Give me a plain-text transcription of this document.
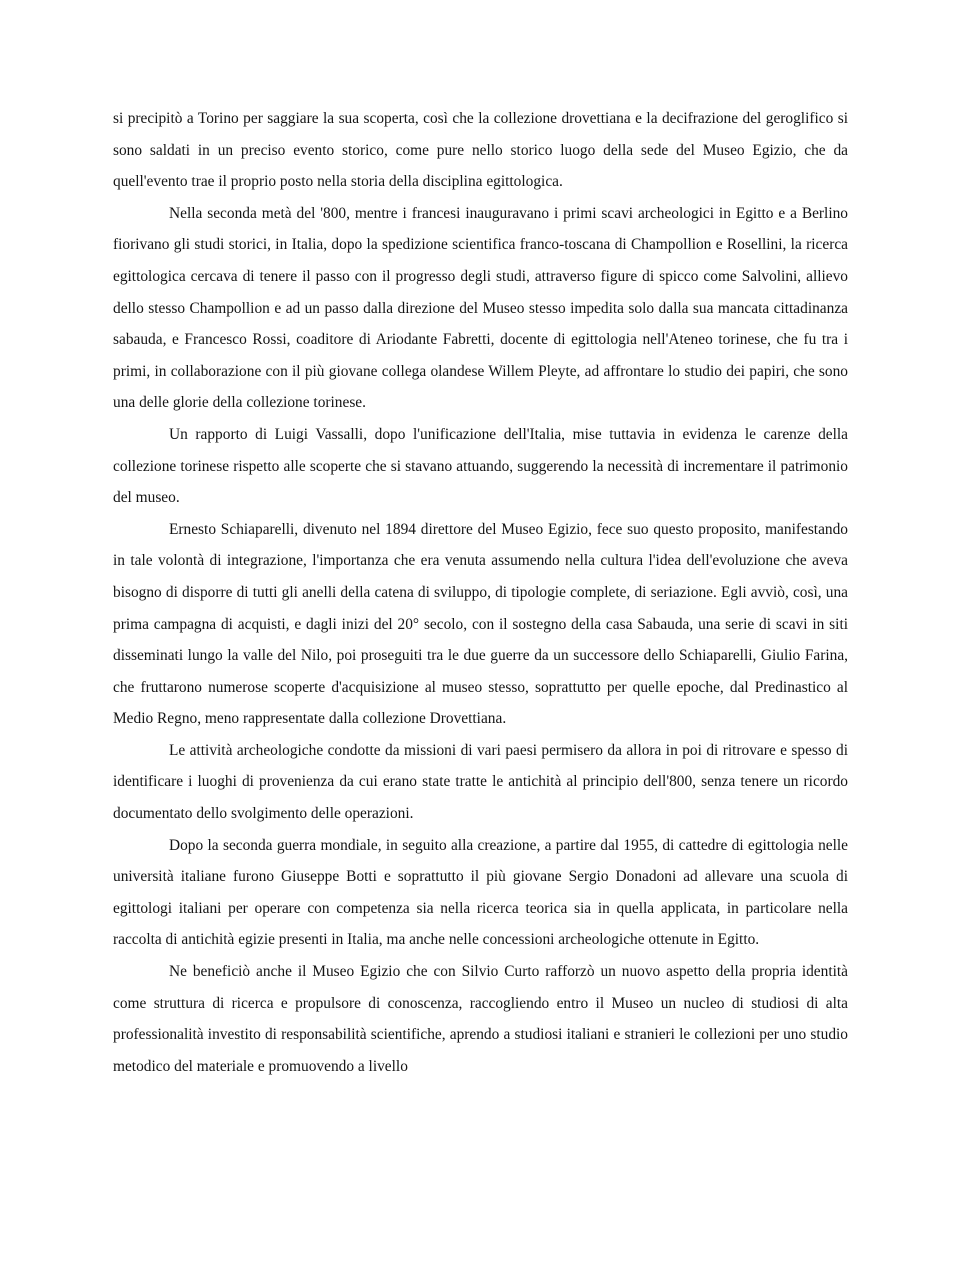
si precipitò a Torino per saggiare la sua scoperta, così che la collezione drovettiana e la decifrazione del geroglifico si sono saldati in un preciso evento storico, come pure nello storico luogo della sede del Museo Egizio, che da quell'evento trae il proprio posto nella storia della disciplina egittologica.

Nella seconda metà del '800, mentre i francesi inauguravano i primi scavi archeologici in Egitto e a Berlino fiorivano gli studi storici, in Italia, dopo la spedizione scientifica franco-toscana di Champollion e Rosellini, la ricerca egittologica cercava di tenere il passo con il progresso degli studi, attraverso figure di spicco come Salvolini, allievo dello stesso Champollion e ad un passo dalla direzione del Museo stesso impedita solo dalla sua mancata cittadinanza sabauda, e Francesco Rossi, coaditore di Ariodante Fabretti, docente di egittologia nell'Ateneo torinese, che fu tra i primi, in collaborazione con il più giovane collega olandese Willem Pleyte, ad affrontare lo studio dei papiri, che sono una delle glorie della collezione torinese.

Un rapporto di Luigi Vassalli, dopo l'unificazione dell'Italia, mise tuttavia in evidenza le carenze della collezione torinese rispetto alle scoperte che si stavano attuando, suggerendo la necessità di incrementare il patrimonio del museo.

Ernesto Schiaparelli, divenuto nel 1894 direttore del Museo Egizio, fece suo questo proposito, manifestando in tale volontà di integrazione, l'importanza che era venuta assumendo nella cultura l'idea dell'evoluzione che aveva bisogno di disporre di tutti gli anelli della catena di sviluppo, di tipologie complete, di seriazione. Egli avviò, così, una prima campagna di acquisti, e dagli inizi del 20° secolo, con il sostegno della casa Sabauda, una serie di scavi in siti disseminati lungo la valle del Nilo, poi proseguiti tra le due guerre da un successore dello Schiaparelli, Giulio Farina, che fruttarono numerose scoperte d'acquisizione al museo stesso, soprattutto per quelle epoche, dal Predinastico al Medio Regno, meno rappresentate dalla collezione Drovettiana.

Le attività archeologiche condotte da missioni di vari paesi permisero da allora in poi di ritrovare e spesso di identificare i luoghi di provenienza da cui erano state tratte le antichità al principio dell'800, senza tenere un ricordo documentato dello svolgimento delle operazioni.

Dopo la seconda guerra mondiale, in seguito alla creazione, a partire dal 1955, di cattedre di egittologia nelle università italiane furono Giuseppe Botti e soprattutto il più giovane Sergio Donadoni ad allevare una scuola di egittologi italiani per operare con competenza sia nella ricerca teorica sia in quella applicata, in particolare nella raccolta di antichità egizie presenti in Italia, ma anche nelle concessioni archeologiche ottenute in Egitto.

Ne beneficiò anche il Museo Egizio che con Silvio Curto rafforzò un nuovo aspetto della propria identità come struttura di ricerca e propulsore di conoscenza, raccogliendo entro il Museo un nucleo di studiosi di alta professionalità investito di responsabilità scientifiche, aprendo a studiosi italiani e stranieri le collezioni per uno studio metodico del materiale e promuovendo a livello
